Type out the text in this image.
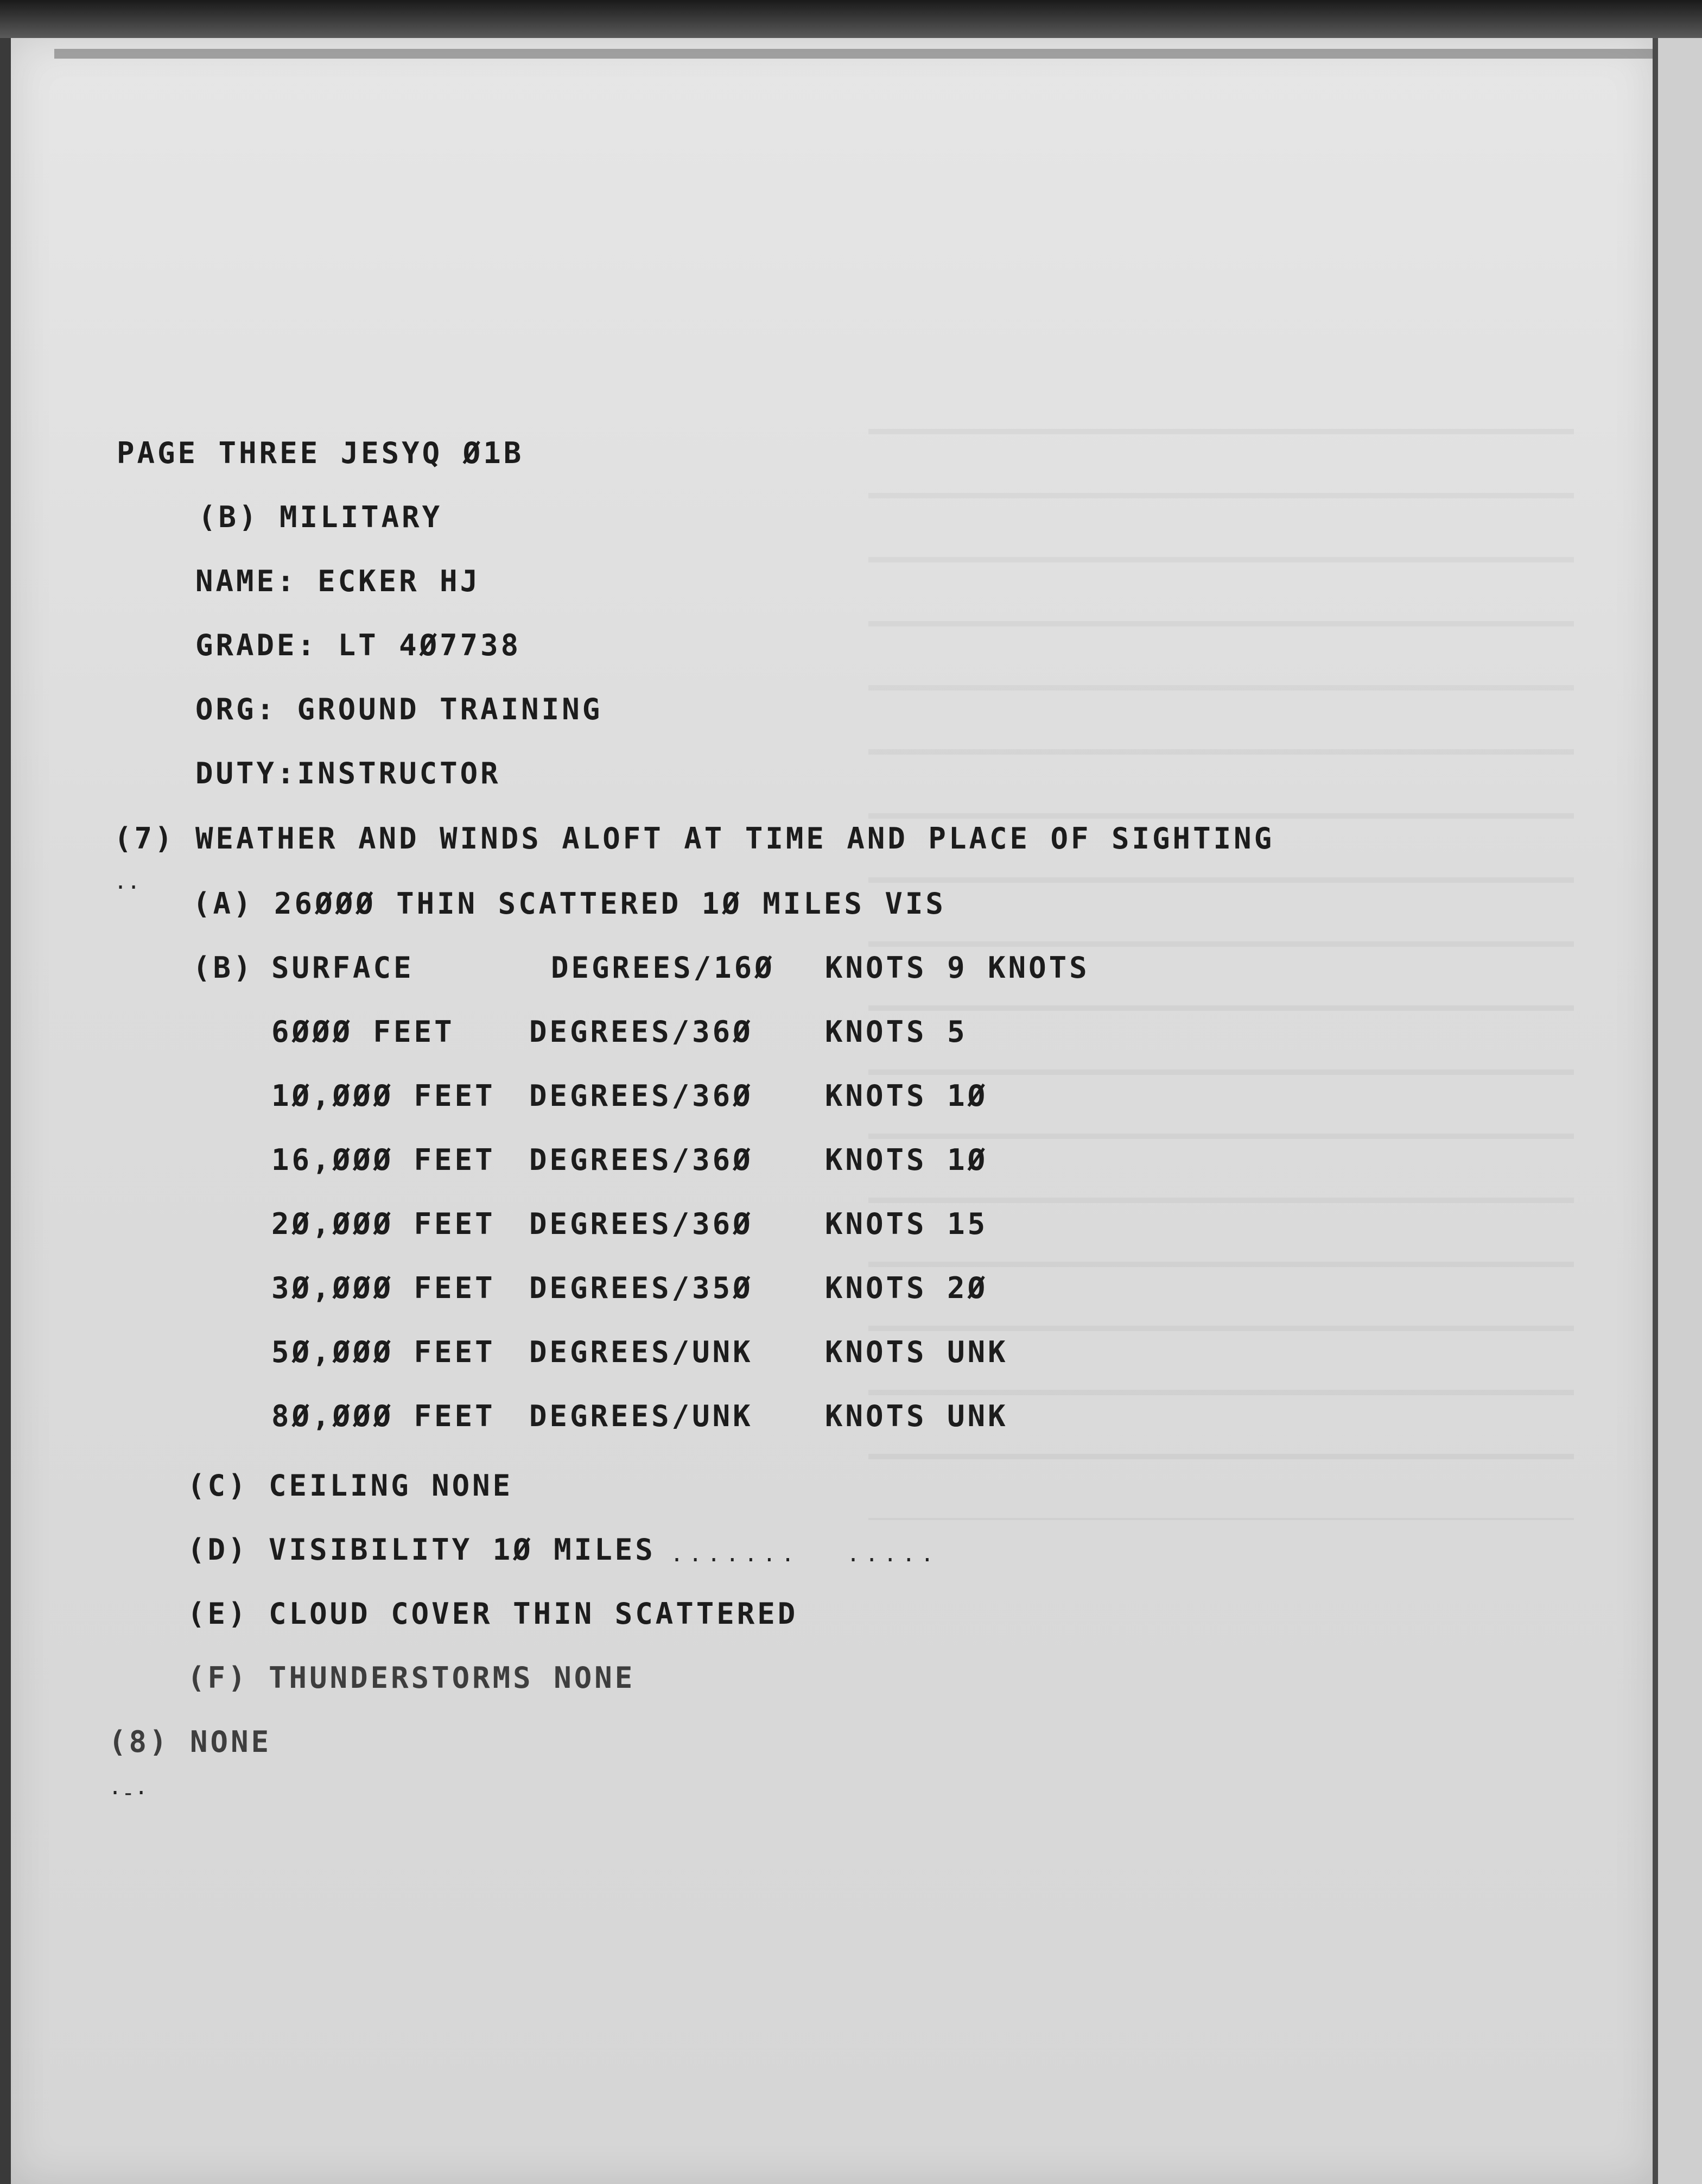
PAGE THREE JESYQ Ø1B
(B) MILITARY
NAME: ECKER HJ
GRADE: LT 4Ø7738
ORG: GROUND TRAINING
DUTY:INSTRUCTOR
(7) WEATHER AND WINDS ALOFT AT TIME AND PLACE OF SIGHTING
·· (A) 26ØØØ THIN SCATTERED 1Ø MILES VIS
(B) SURFACE	DEGREES/16Ø KNOTS 9 KNOTS
6ØØØ FEET	DEGREES/36Ø KNOTS 5
1Ø,ØØØ FEET DEGREES/36Ø KNOTS 1Ø
16,ØØØ FEET DEGREES/36Ø KNOTS 1Ø
2Ø,ØØØ FEET DEGREES/36Ø KNOTS 15
3Ø,ØØØ FEET DEGREES/35Ø KNOTS 2Ø
5Ø,ØØØ FEET DEGREES/UNK KNOTS UNK
8Ø,ØØØ FEET DEGREES/UNK KNOTS UNK
(C) CEILING NONE
(D) VISIBILITY 1Ø MILES ....... .....
(E) CLOUD COVER THIN SCATTERED
(F) THUNDERSTORMS NONE
(8) NONE
·-·
